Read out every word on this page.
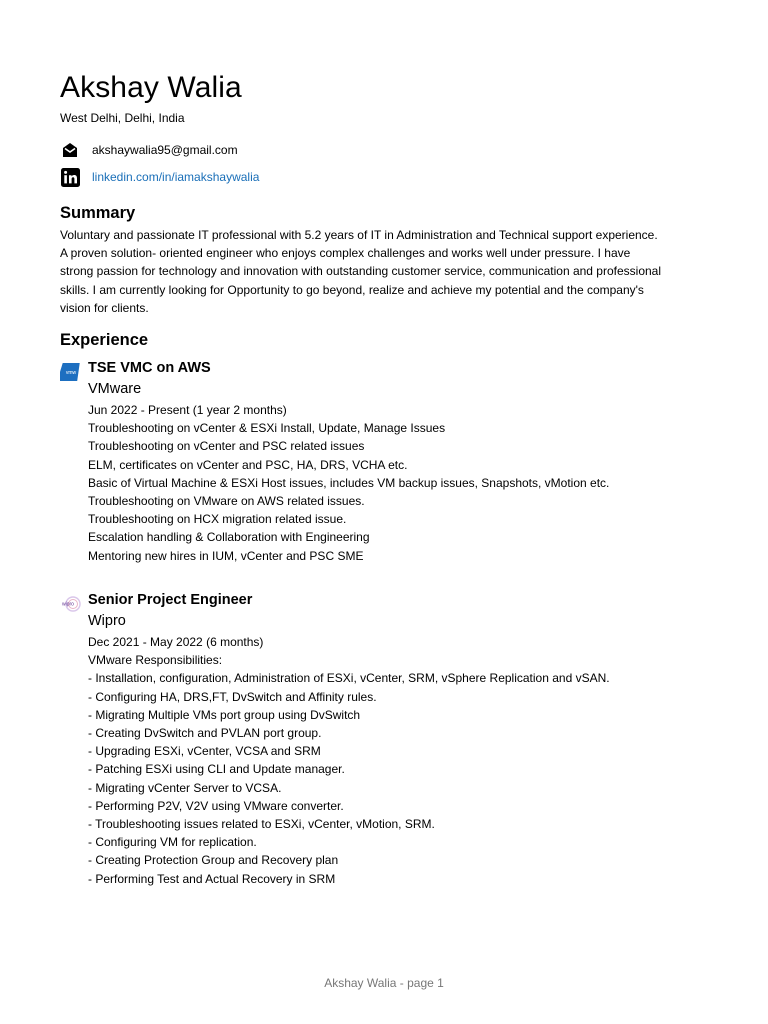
Akshay Walia
West Delhi, Delhi, India
akshaywalia95@gmail.com
linkedin.com/in/iamakshaywalia
Summary
Voluntary and passionate IT professional with 5.2 years of IT in Administration and Technical support experience.
A proven solution- oriented engineer who enjoys complex challenges and works well under pressure. I have
strong passion for technology and innovation with outstanding customer service, communication and professional
skills. I am currently looking for Opportunity to go beyond, realize and achieve my potential and the company's
vision for clients.
Experience
vmw TSE VMC on AWS
VMware
Jun 2022 - Present (1 year 2 months)
Troubleshooting on vCenter & ESXi Install, Update, Manage Issues
Troubleshooting on vCenter and PSC related issues
ELM, certificates on vCenter and PSC, HA, DRS, VCHA etc.
Basic of Virtual Machine & ESXi Host issues, includes VM backup issues, Snapshots, vMotion etc.
Troubleshooting on VMware on AWS related issues.
Troubleshooting on HCX migration related issue.
Escalation handling & Collaboration with Engineering
Mentoring new hires in IUM, vCenter and PSC SME
wipro Senior Project Engineer
Wipro
Dec 2021 - May 2022 (6 months)
VMware Responsibilities:
- Installation, configuration, Administration of ESXi, vCenter, SRM, vSphere Replication and vSAN.
- Configuring HA, DRS,FT, DvSwitch and Affinity rules.
- Migrating Multiple VMs port group using DvSwitch
- Creating DvSwitch and PVLAN port group.
- Upgrading ESXi, vCenter, VCSA and SRM
- Patching ESXi using CLI and Update manager.
- Migrating vCenter Server to VCSA.
- Performing P2V, V2V using VMware converter.
- Troubleshooting issues related to ESXi, vCenter, vMotion, SRM.
- Configuring VM for replication.
- Creating Protection Group and Recovery plan
- Performing Test and Actual Recovery in SRM
Akshay Walia - page 1
